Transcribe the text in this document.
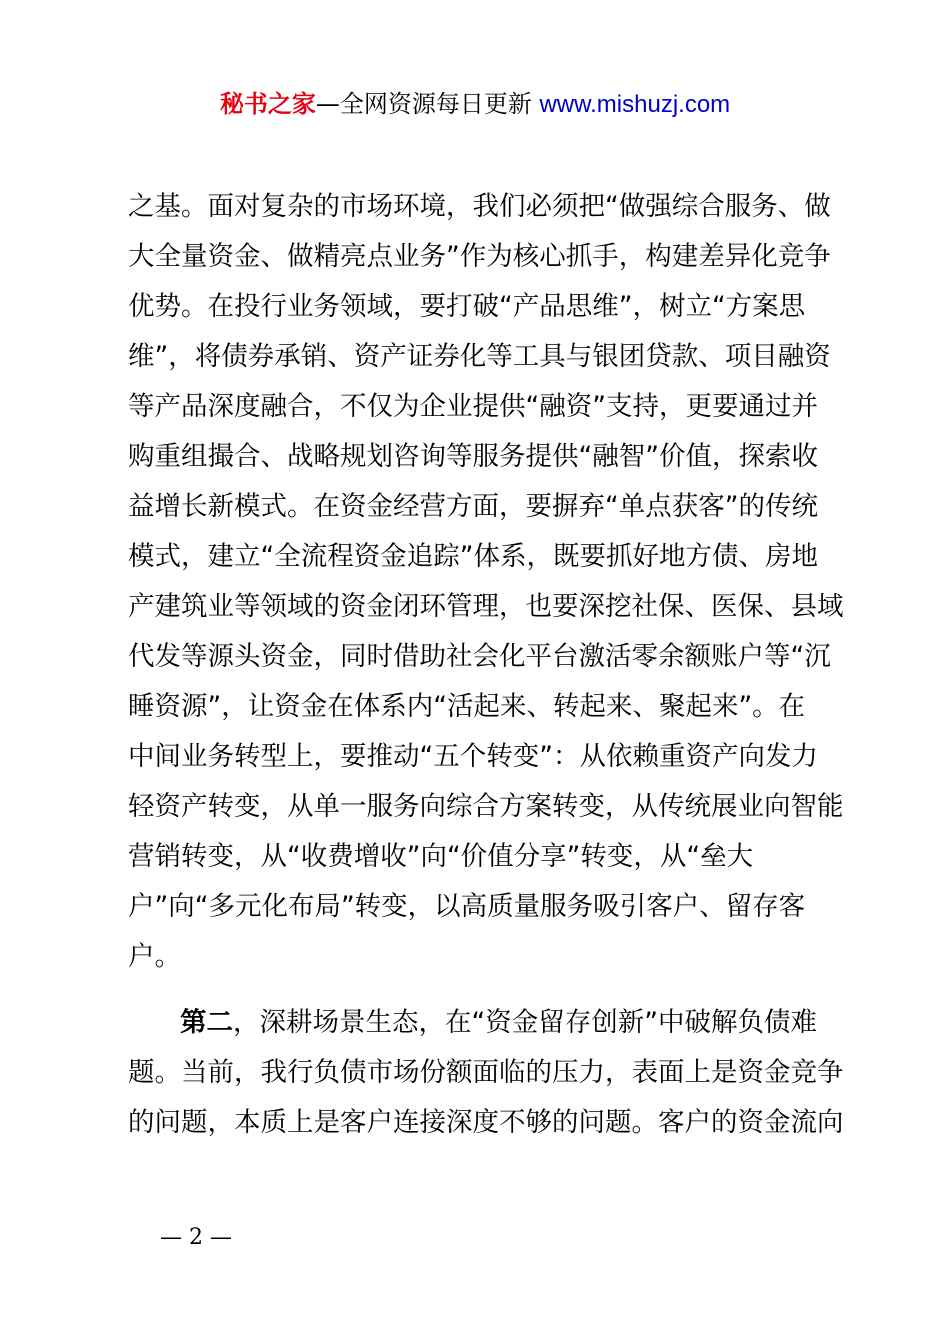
秘书之家—全网资源每日更新 www.mishuzj.com
之基。面对复杂的市场环境，我们必须把“做强综合服务、做
大全量资金、做精亮点业务”作为核心抓手，构建差异化竞争
优势。在投行业务领域，要打破“产品思维”，树立“方案思
维”，将债券承销、资产证券化等工具与银团贷款、项目融资
等产品深度融合，不仅为企业提供“融资”支持，更要通过并
购重组撮合、战略规划咨询等服务提供“融智”价值，探索收
益增长新模式。在资金经营方面，要摒弃“单点获客”的传统
模式，建立“全流程资金追踪”体系，既要抓好地方债、房地
产建筑业等领域的资金闭环管理，也要深挖社保、医保、县域
代发等源头资金，同时借助社会化平台激活零余额账户等“沉
睡资源”，让资金在体系内“活起来、转起来、聚起来”。在
中间业务转型上，要推动“五个转变”：从依赖重资产向发力
轻资产转变，从单一服务向综合方案转变，从传统展业向智能
营销转变，从“收费增收”向“价值分享”转变，从“垒大
户”向“多元化布局”转变，以高质量服务吸引客户、留存客
户。
第二，深耕场景生态，在“资金留存创新”中破解负债难
题。当前，我行负债市场份额面临的压力，表面上是资金竞争
的问题，本质上是客户连接深度不够的问题。客户的资金流向
— 2 —
